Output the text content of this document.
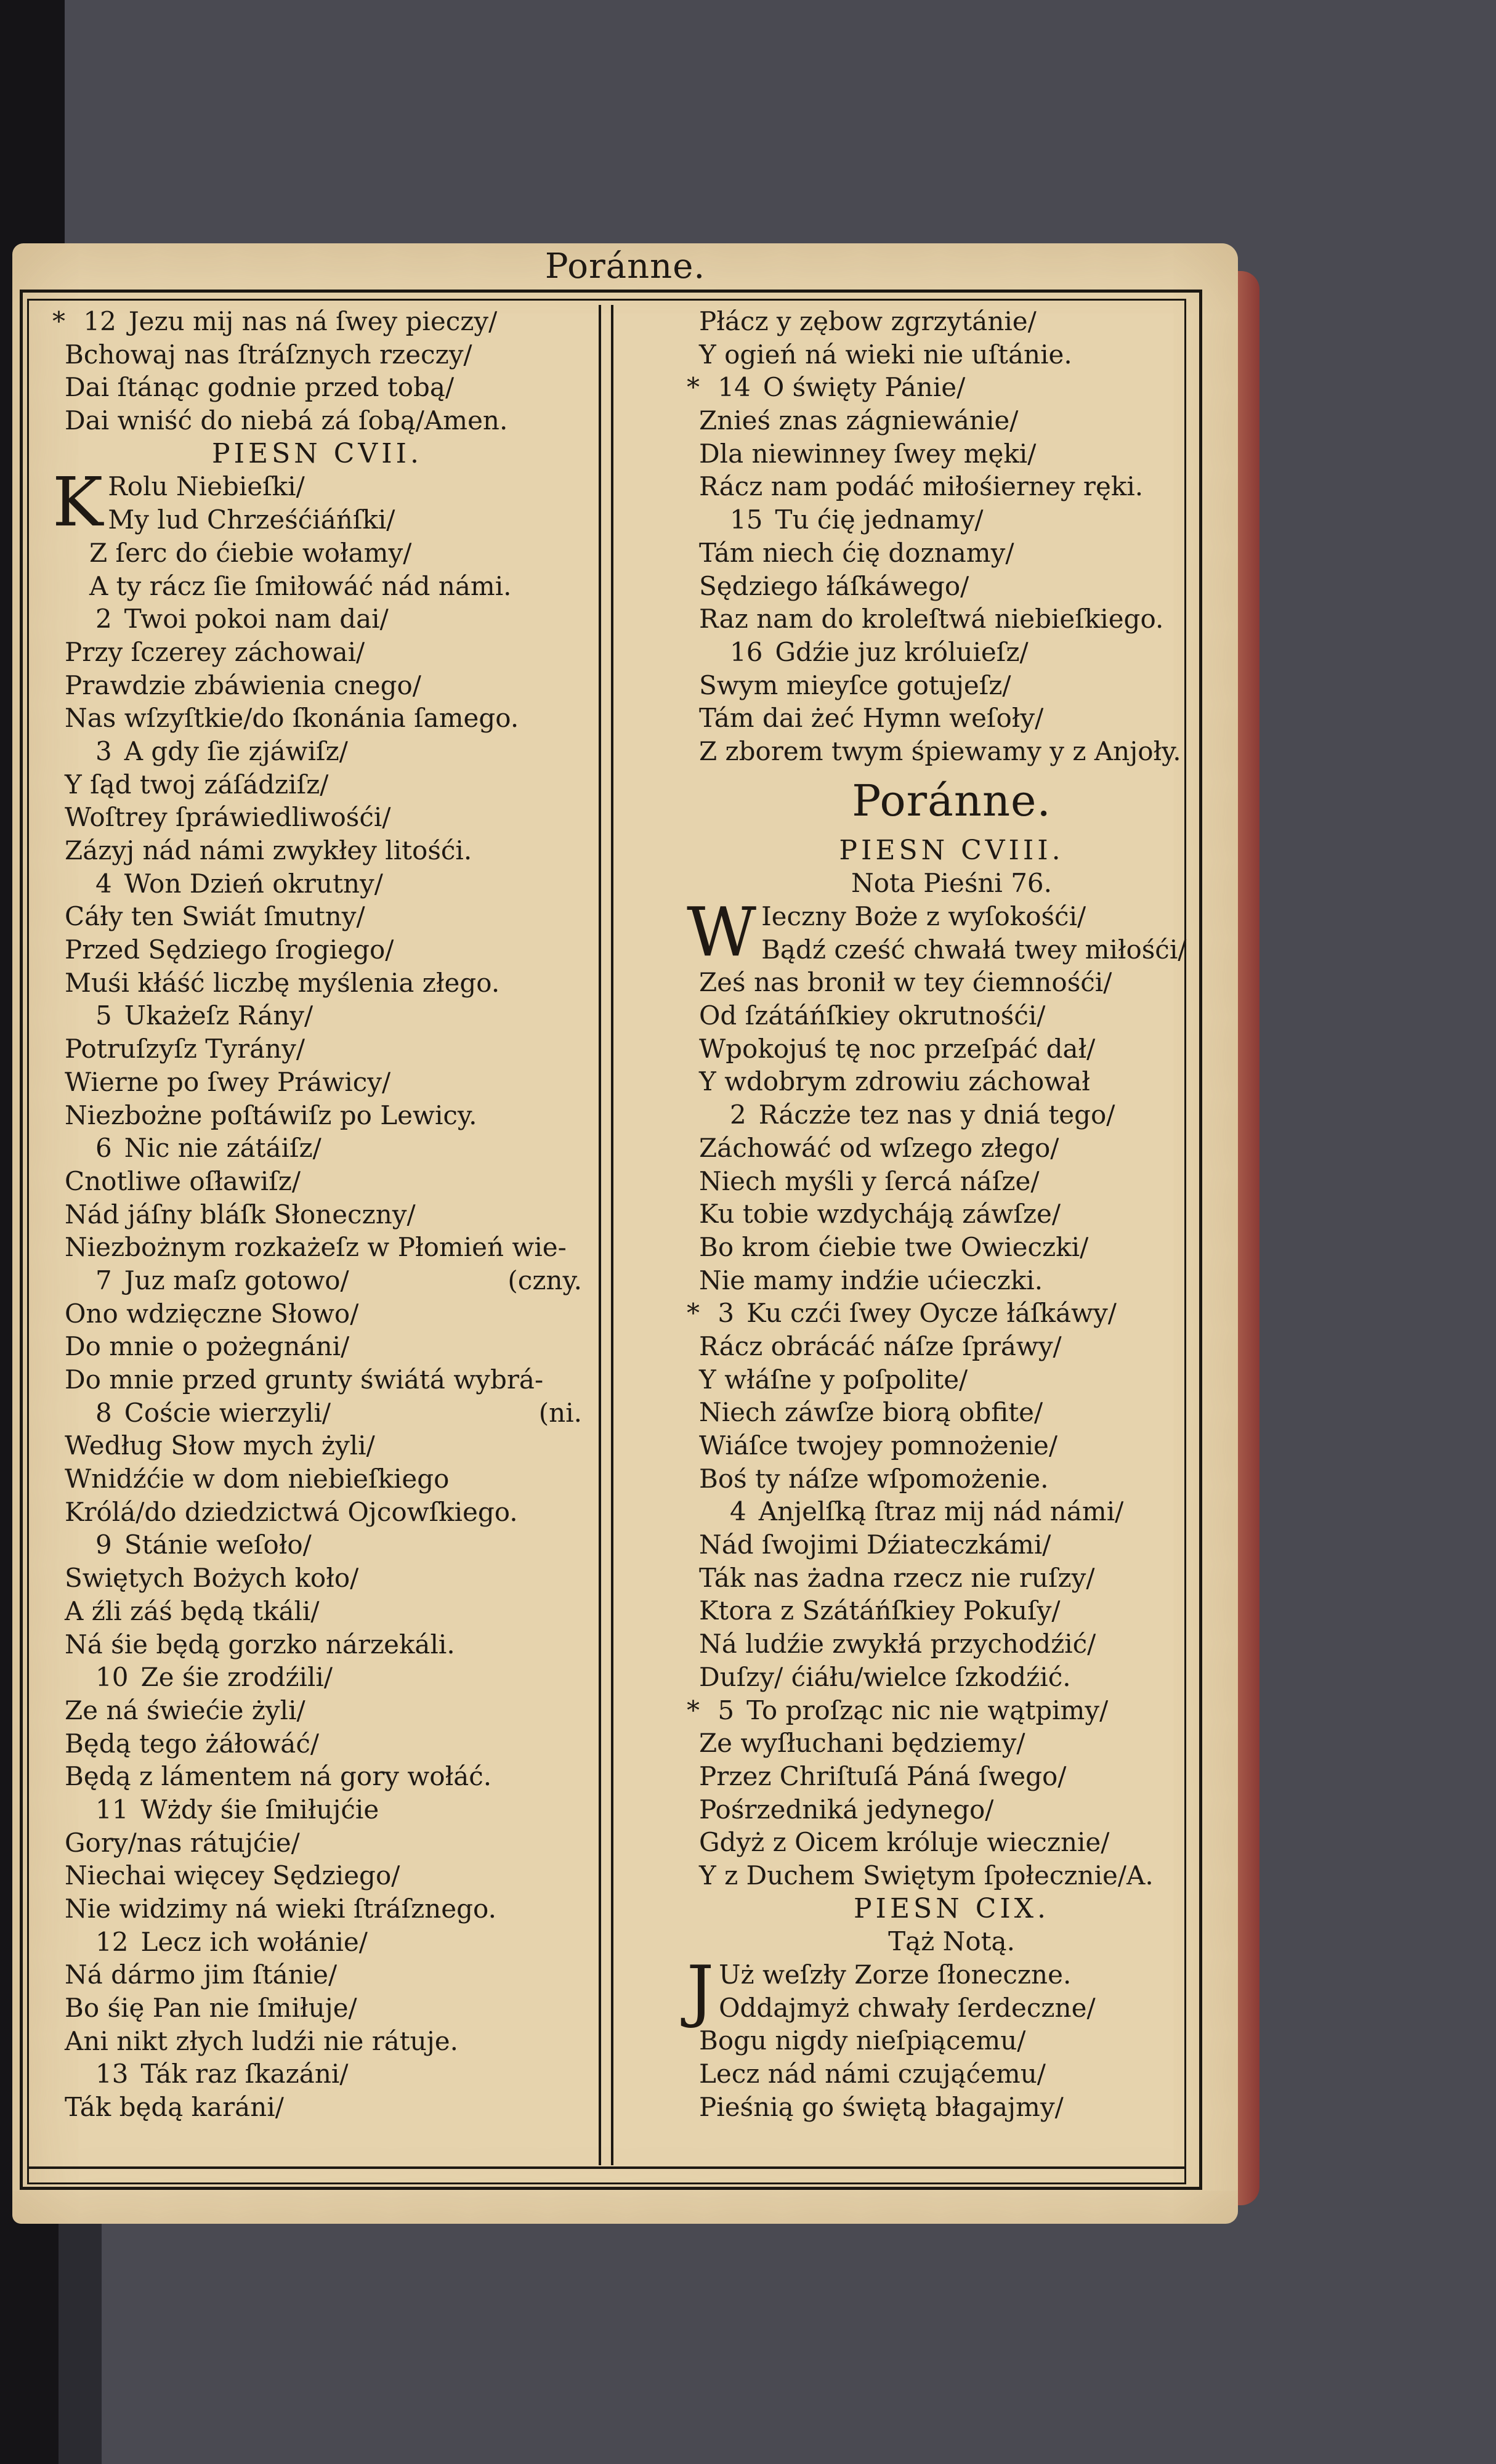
Poránne.
* 12 Jezu mij nas ná ſwey pieczy/
Bchowaj nas ſtráſznych rzeczy/
Dai ſtánąc godnie przed tobą/
Dai wniść do niebá zá ſobą/Amen.
PIESN CVII.
K Rolu Niebieſki/
My lud Chrześćiáńſki/
Z ſerc do ćiebie wołamy/
A ty rácz ſie ſmiłowáć nád námi.
2 Twoi pokoi nam dai/
Przy ſczerey záchowai/
Prawdzie zbáwienia cnego/
Nas wſzyſtkie/do ſkonánia ſamego.
3 A gdy ſie zjáwiſz/
Y ſąd twoj záſádziſz/
Woſtrey ſpráwiedliwośći/
Zázyj nád námi zwykłey litośći.
4 Won Dzień okrutny/
Cáły ten Swiát ſmutny/
Przed Sędziego ſrogiego/
Muśi kłáść liczbę myślenia złego.
5 Ukażeſz Rány/
Potruſzyſz Tyrány/
Wierne po ſwey Práwicy/
Niezbożne poſtáwiſz po Lewicy.
6 Nic nie zátáiſz/
Cnotliwe oſławiſz/
Nád jáſny bláſk Słoneczny/
Niezbożnym rozkażeſz w Płomień wie-
7 Juz maſz gotowo/	(czny.
Ono wdzięczne Słowo/
Do mnie o pożegnáni/
Do mnie przed grunty świátá wybrá-
8 Coście wierzyli/	(ni.
Według Słow mych żyli/
Wnidźćie w dom niebieſkiego
Królá/do dziedzictwá Ojcowſkiego.
9 Stánie weſoło/
Swiętych Bożych koło/
A źli záś będą tkáli/
Ná śie będą gorzko nárzekáli.
10 Ze śie zrodźili/
Ze ná świećie żyli/
Będą tego żáłowáć/
Będą z lámentem ná gory wołáć.
11 Wżdy śie ſmiłujćie
Gory/nas rátujćie/
Niechai więcey Sędziego/
Nie widzimy ná wieki ſtráſznego.
12 Lecz ich wołánie/
Ná dármo jim ſtánie/
Bo śię Pan nie ſmiłuje/
Ani nikt złych ludźi nie rátuje.
13 Ták raz ſkazáni/
Ták będą karáni/
Płácz y zębow zgrzytánie/
Y ogień ná wieki nie uſtánie.
* 14 O święty Pánie/
Znieś znas zágniewánie/
Dla niewinney ſwey męki/
Rácz nam podáć miłośierney ręki.
15 Tu ćię jednamy/
Tám niech ćię doznamy/
Sędziego łáſkáwego/
Raz nam do kroleſtwá niebieſkiego.
16 Gdźie juz króluieſz/
Swym mieyſce gotujeſz/
Tám dai żeć Hymn weſoły/
Z zborem twym śpiewamy y z Anjoły.
Poránne.
PIESN CVIII.
Nota Pieśni 76.
W Ieczny Boże z wyſokośći/
Bądź cześć chwałá twey miłośći/
Ześ nas bronił w tey ćiemnośći/
Od ſzátáńſkiey okrutnośći/
Wpokojuś tę noc przeſpáć dał/
Y wdobrym zdrowiu záchował
2 Ráczże tez nas y dniá tego/
Záchowáć od wſzego złego/
Niech myśli y ſercá náſze/
Ku tobie wzdycháją záwſze/
Bo krom ćiebie twe Owieczki/
Nie mamy indźie ućieczki.
* 3 Ku czći ſwey Oycze łáſkáwy/
Rácz obrácáć náſze ſpráwy/
Y włáſne y poſpolite/
Niech záwſze biorą obfite/
Wiáſce twojey pomnożenie/
Boś ty náſze wſpomożenie.
4 Anjelſką ſtraz mij nád námi/
Nád ſwojimi Dźiateczkámi/
Ták nas żadna rzecz nie ruſzy/
Ktora z Szátáńſkiey Pokuſy/
Ná ludźie zwykłá przychodźić/
Duſzy/ ćiáłu/wielce ſzkodźić.
* 5 To proſząc nic nie wątpimy/
Ze wyſłuchani będziemy/
Przez Chriſtuſá Páná ſwego/
Pośrzedniká jedynego/
Gdyż z Oicem króluje wiecznie/
Y z Duchem Swiętym ſpołecznie/A.
PIESN CIX.
Tąż Notą.
J Uż weſzły Zorze ſłoneczne.
Oddajmyż chwały ſerdeczne/
Bogu nigdy nieſpiącemu/
Lecz nád námi czująćemu/
Pieśnią go świętą błagajmy/
